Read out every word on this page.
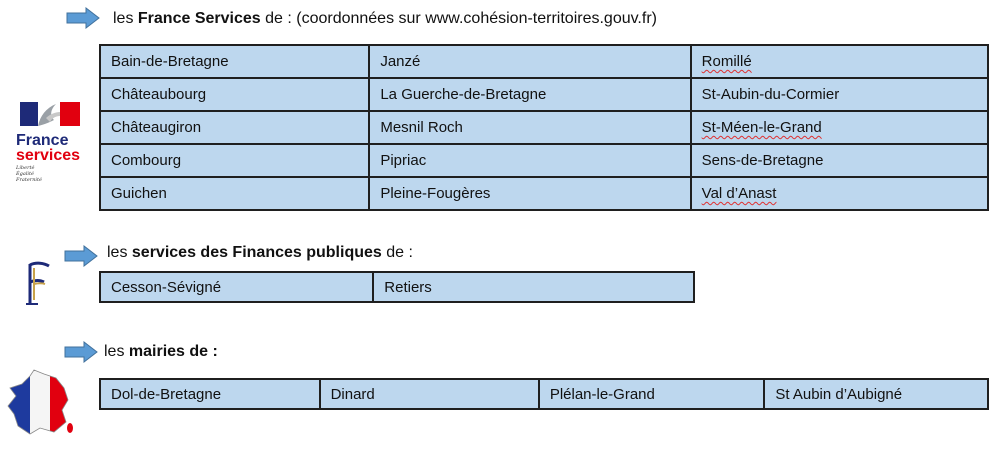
les France Services de : (coordonnées sur www.cohésion-territoires.gouv.fr)
France
services
Liberté Égalité Fraternité
Bain-de-Bretagne	Janzé	Romillé
Châteaubourg	La Guerche-de-Bretagne	St-Aubin-du-Cormier
Châteaugiron	Mesnil Roch	St-Méen-le-Grand
Combourg	Pipriac	Sens-de-Bretagne
Guichen	Pleine-Fougères	Val d’Anast
les services des Finances publiques de :
Cesson-Sévigné	Retiers
les mairies de :
Dol-de-Bretagne	Dinard	Plélan-le-Grand	St Aubin d’Aubigné
